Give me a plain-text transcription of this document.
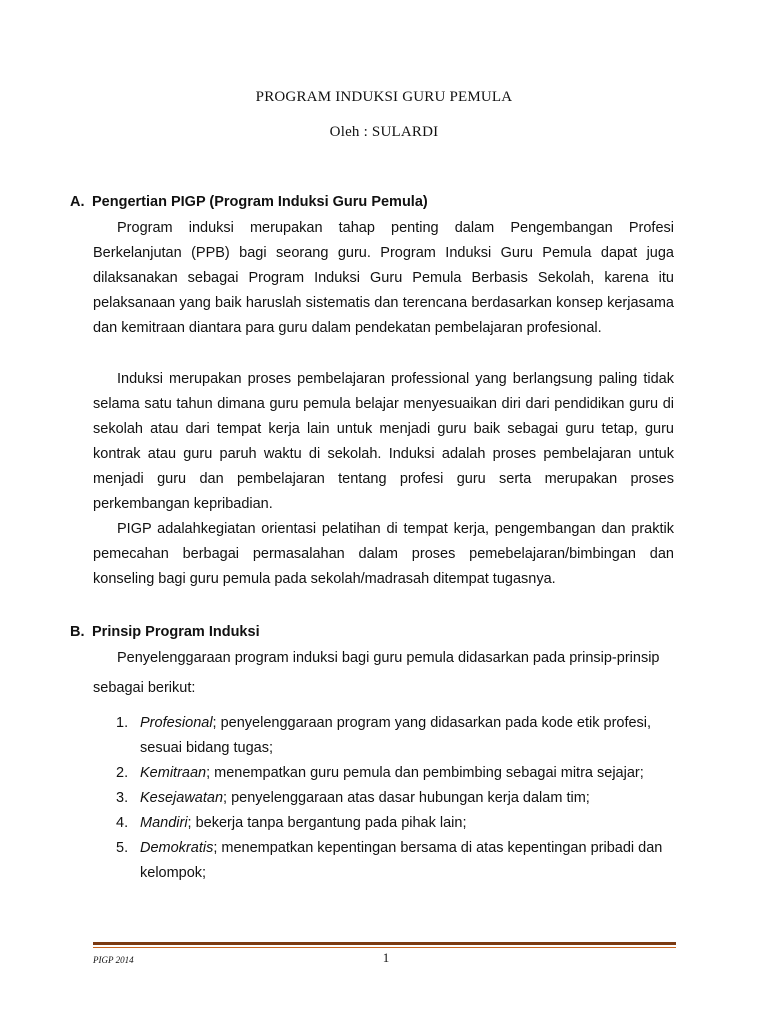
PROGRAM INDUKSI GURU PEMULA
Oleh : SULARDI
A. Pengertian PIGP (Program Induksi Guru Pemula)

Program induksi merupakan tahap penting dalam Pengembangan Profesi Berkelanjutan (PPB) bagi seorang guru. Program Induksi Guru Pemula dapat juga dilaksanakan sebagai Program Induksi Guru Pemula Berbasis Sekolah, karena itu pelaksanaan yang baik haruslah sistematis dan terencana berdasarkan konsep kerjasama dan kemitraan diantara para guru dalam pendekatan pembelajaran profesional.

Induksi merupakan proses pembelajaran professional yang berlangsung paling tidak selama satu tahun dimana guru pemula belajar menyesuaikan diri dari pendidikan guru di sekolah atau dari tempat kerja lain untuk menjadi guru baik sebagai guru tetap, guru kontrak atau guru paruh waktu di sekolah. Induksi adalah proses pembelajaran untuk menjadi guru dan pembelajaran tentang profesi guru serta merupakan proses perkembangan kepribadian.

PIGP adalahkegiatan orientasi pelatihan di tempat kerja, pengembangan dan praktik pemecahan berbagai permasalahan dalam proses pemebelajaran/bimbingan dan konseling bagi guru pemula pada sekolah/madrasah ditempat tugasnya.

B. Prinsip Program Induksi

Penyelenggaraan program induksi bagi guru pemula didasarkan pada prinsip-prinsip sebagai berikut:

1. Profesional; penyelenggaraan program yang didasarkan pada kode etik profesi, sesuai bidang tugas;
2. Kemitraan; menempatkan guru pemula dan pembimbing sebagai mitra sejajar;
3. Kesejawatan; penyelenggaraan atas dasar hubungan kerja dalam tim;
4. Mandiri; bekerja tanpa bergantung pada pihak lain;
5. Demokratis; menempatkan kepentingan bersama di atas kepentingan pribadi dan kelompok;
PIGP 2014	1
